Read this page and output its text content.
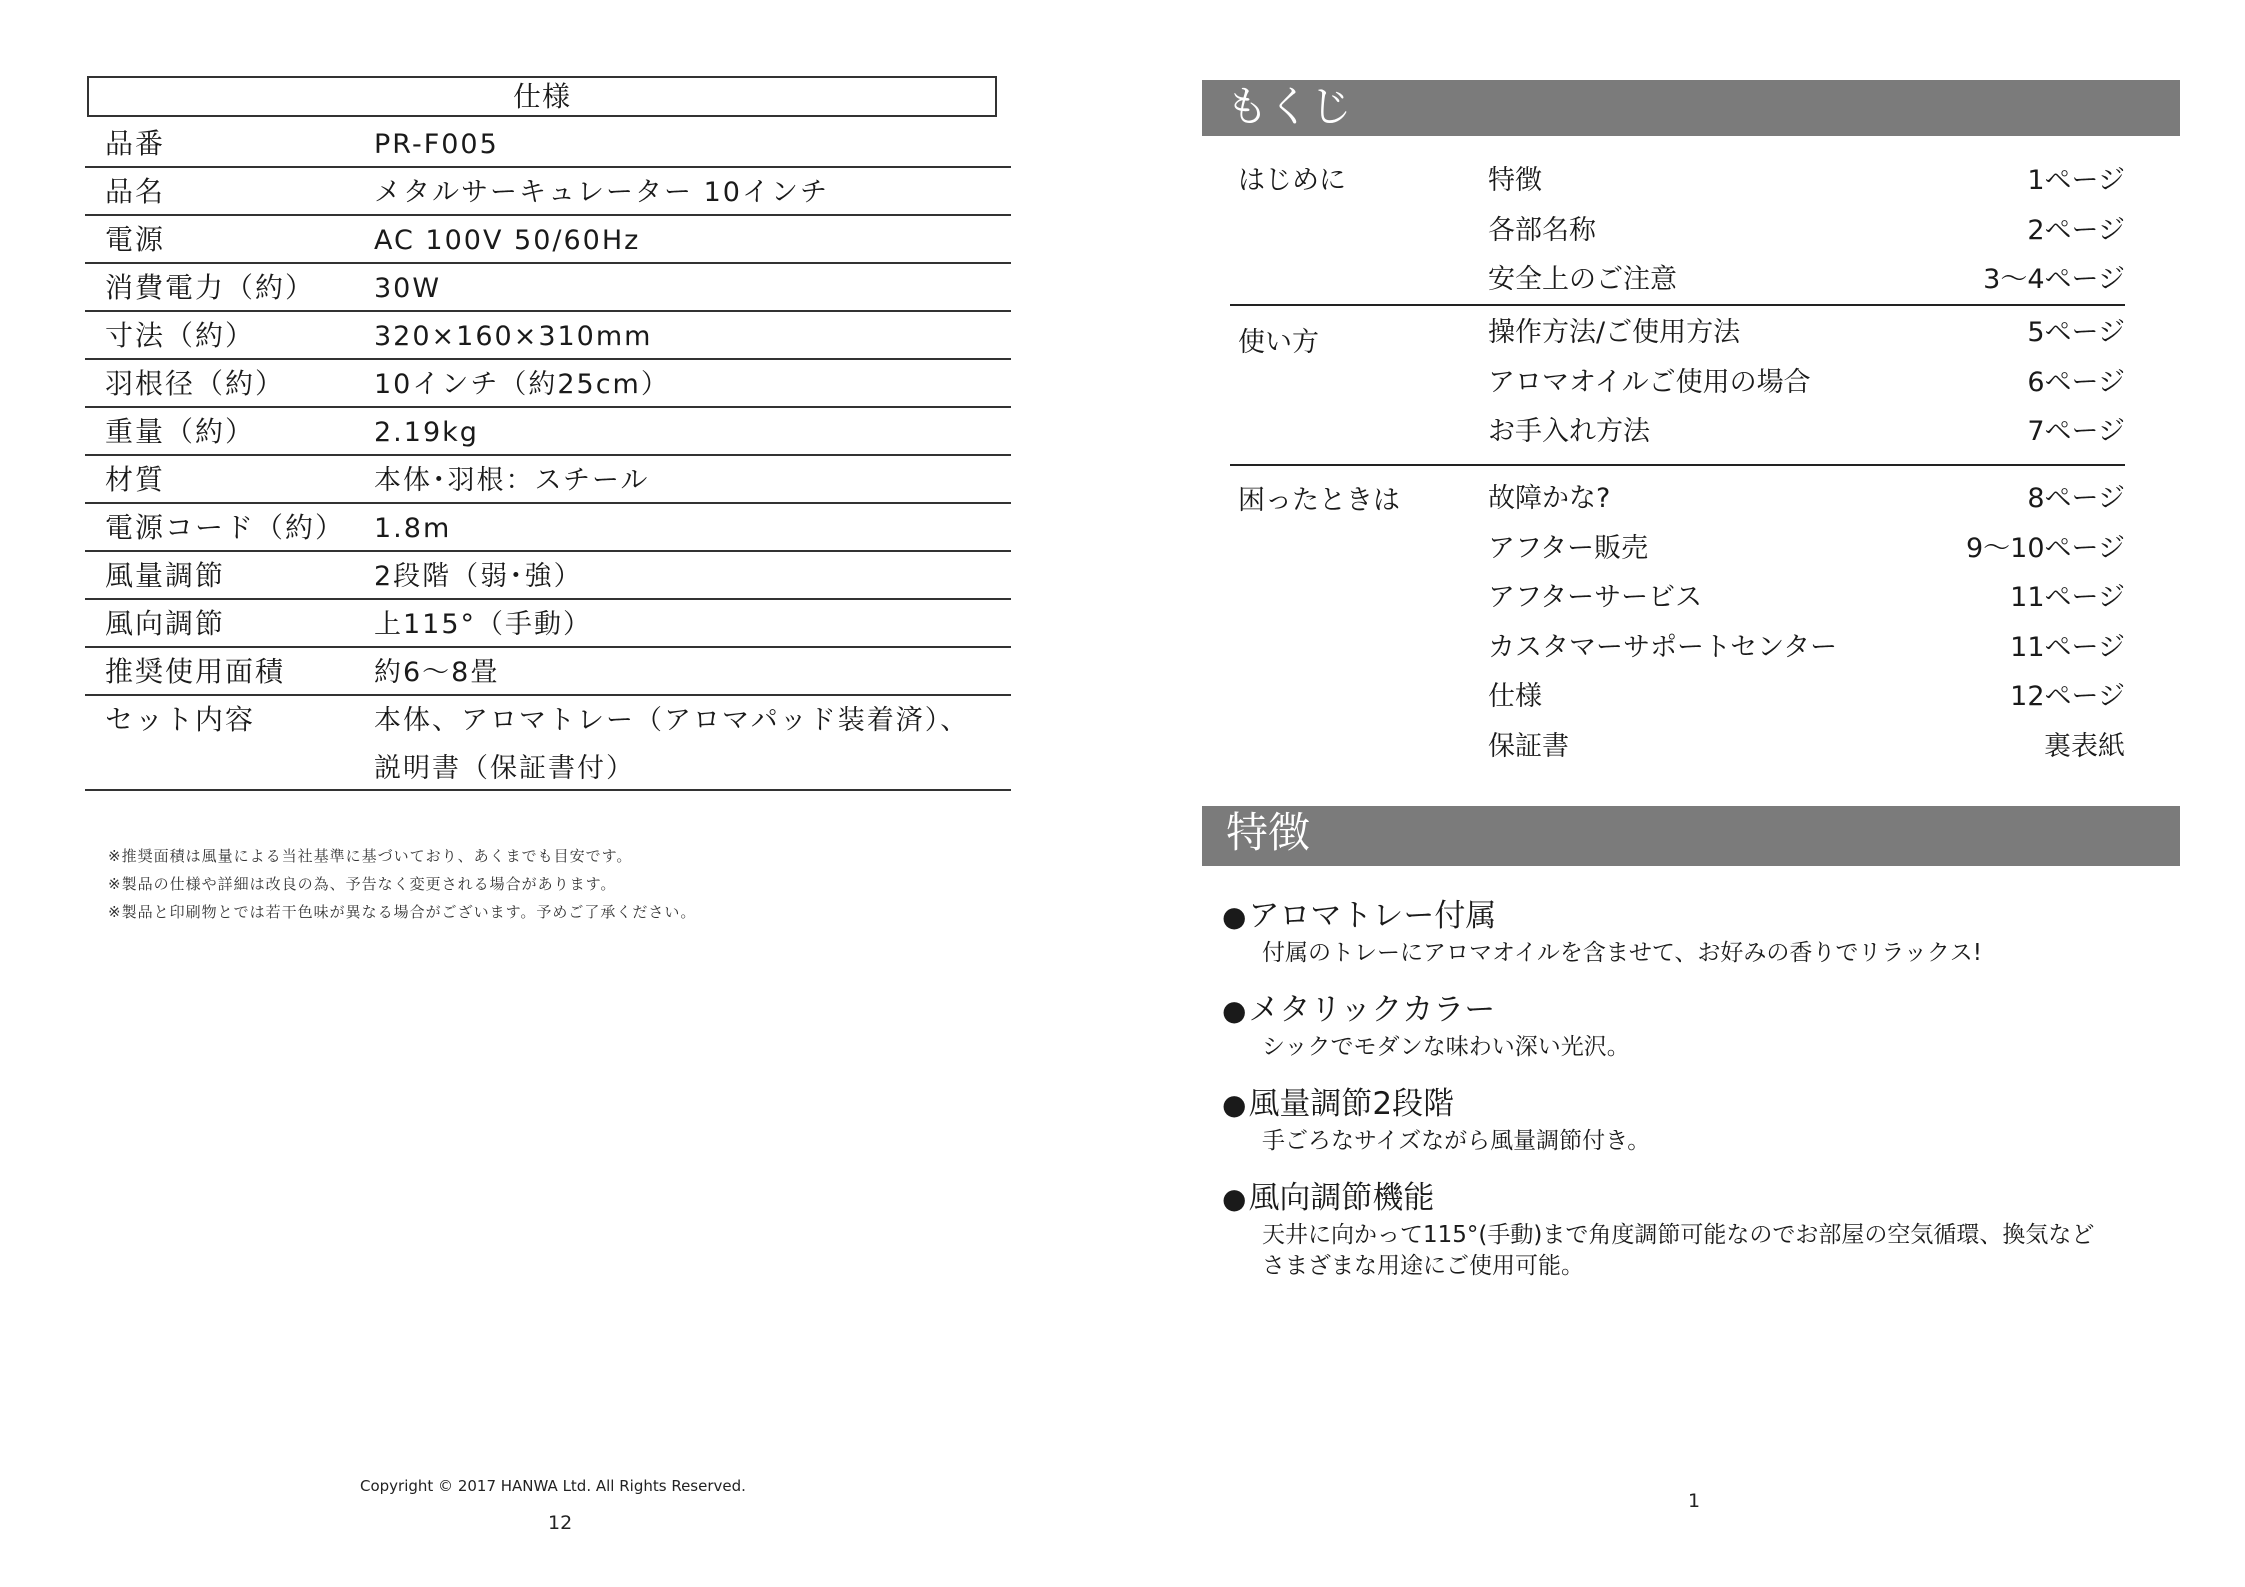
仕様
品番	PR-F005
品名	メタルサーキュレーター 10インチ
電源	AC 100V 50/60Hz
消費電力（約） 30W
寸法（約）	320×160×310mm
羽根径（約）	10インチ（約25cm）
重量（約）	2.19kg
材質	本体･羽根：スチール
電源コード（約） 1.8m
風量調節	2段階（弱･強）
風向調節	上115°（手動）
推奨使用面積	約6～8畳
セット内容	本体、アロマトレー（アロマパッド装着済）、
説明書（保証書付）
※推奨面積は風量による当社基準に基づいており、あくまでも目安です。
※製品の仕様や詳細は改良の為、予告なく変更される場合があります。
※製品と印刷物とでは若干色味が異なる場合がございます。予めご了承ください。
Copyright © 2017 HANWA Ltd. All Rights Reserved.
12
もくじ
はじめに	特徴	1ページ
各部名称	2ページ
安全上のご注意	3～4ページ
使い方	操作方法/ご使用方法	5ページ
アロマオイルご使用の場合	6ページ
お手入れ方法	7ページ
困ったときは	故障かな?	8ページ
アフター販売	9～10ページ
アフターサービス	11ページ
カスタマーサポートセンター	11ページ
仕様	12ページ
保証書	裏表紙
特徴
●アロマトレー付属
付属のトレーにアロマオイルを含ませて、お好みの香りでリラックス!
●メタリックカラー
シックでモダンな味わい深い光沢。
●風量調節2段階
手ごろなサイズながら風量調節付き。
●風向調節機能
天井に向かって115°(手動)まで角度調節可能なのでお部屋の空気循環、換気など
さまざまな用途にご使用可能。
1
